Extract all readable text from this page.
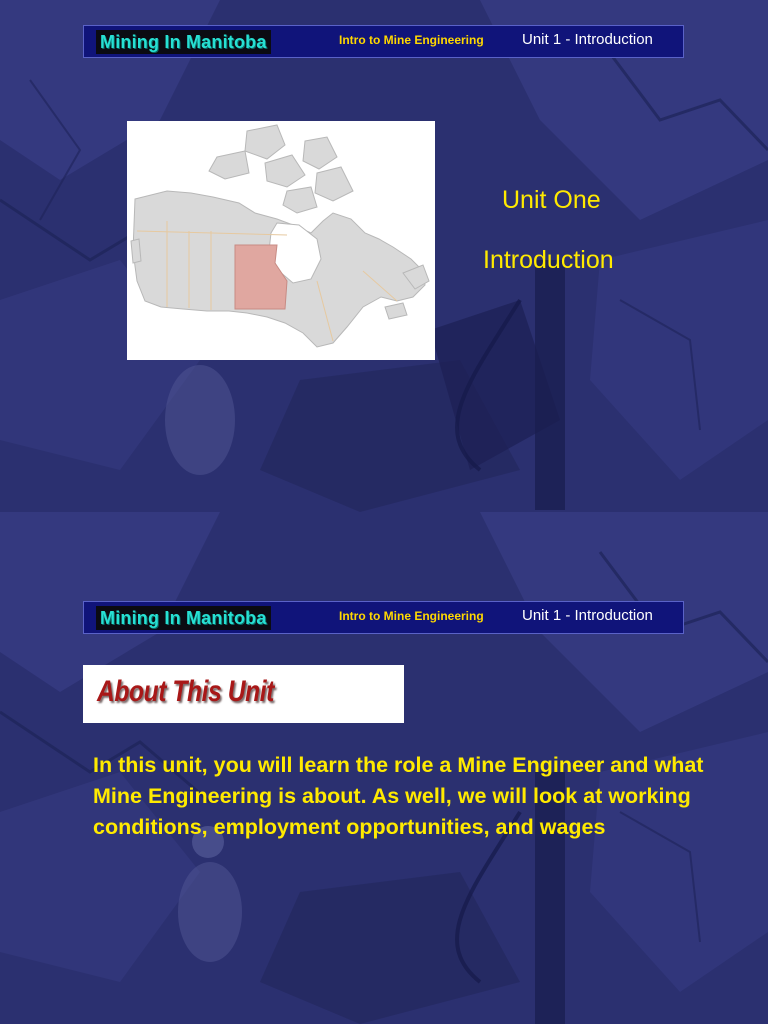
Mining In Manitoba	Intro to Mine Engineering	Unit 1 - Introduction
Unit One
Introduction
Mining In Manitoba	Intro to Mine Engineering	Unit 1 - Introduction
About This Unit
In this unit, you will learn the role a Mine Engineer and what Mine Engineering is about. As well, we will look at working conditions, employment opportunities, and wages
